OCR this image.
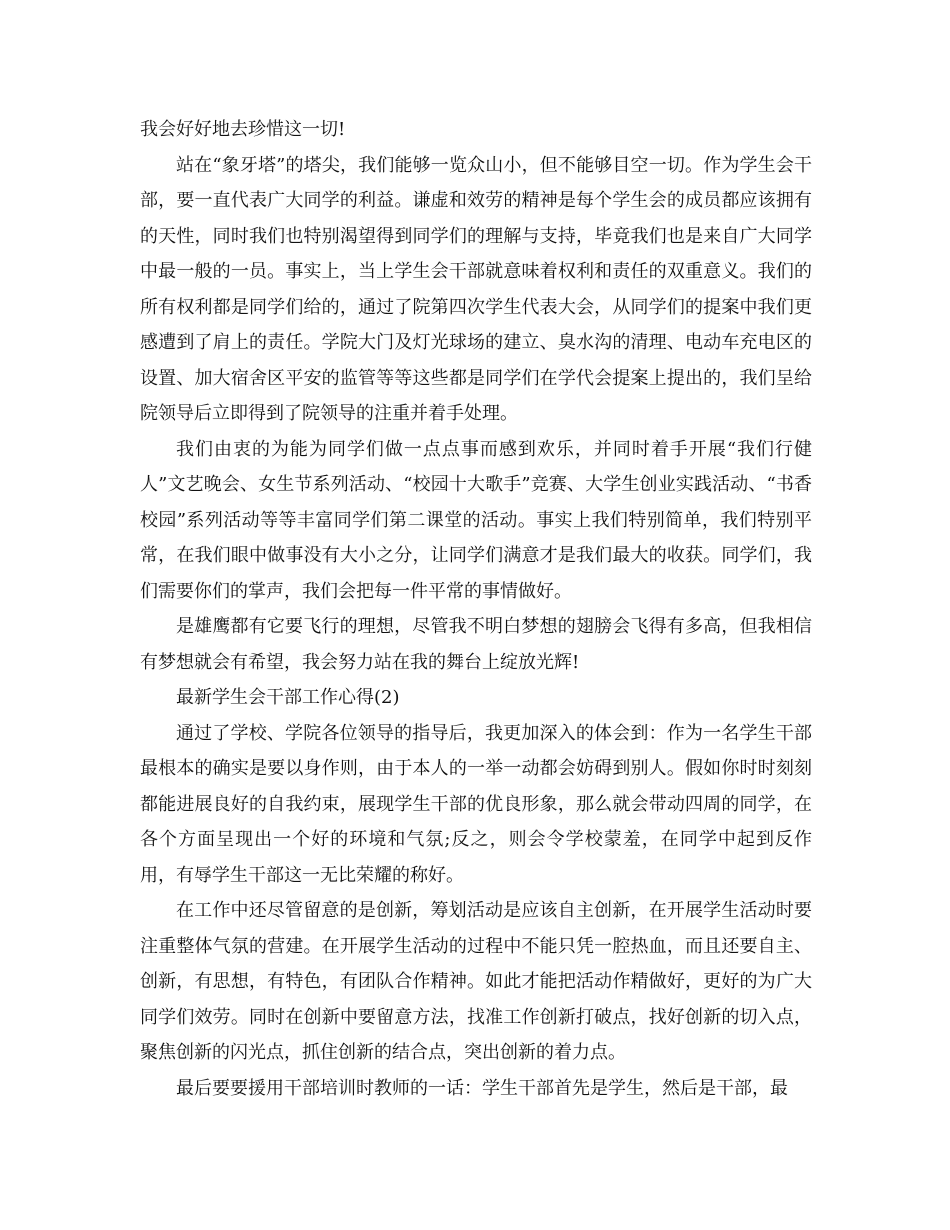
我会好好地去珍惜这一切!

站在“象牙塔”的塔尖，我们能够一览众山小，但不能够目空一切。作为学生会干部，要一直代表广大同学的利益。谦虚和效劳的精神是每个学生会的成员都应该拥有的天性，同时我们也特别渴望得到同学们的理解与支持，毕竟我们也是来自广大同学中最一般的一员。事实上，当上学生会干部就意味着权利和责任的双重意义。我们的所有权利都是同学们给的，通过了院第四次学生代表大会，从同学们的提案中我们更感遭到了肩上的责任。学院大门及灯光球场的建立、臭水沟的清理、电动车充电区的设置、加大宿舍区平安的监管等等这些都是同学们在学代会提案上提出的，我们呈给院领导后立即得到了院领导的注重并着手处理。

我们由衷的为能为同学们做一点点事而感到欢乐，并同时着手开展“我们行健人”文艺晚会、女生节系列活动、“校园十大歌手”竞赛、大学生创业实践活动、“书香校园”系列活动等等丰富同学们第二课堂的活动。事实上我们特别简单，我们特别平常，在我们眼中做事没有大小之分，让同学们满意才是我们最大的收获。同学们，我们需要你们的掌声，我们会把每一件平常的事情做好。

是雄鹰都有它要飞行的理想，尽管我不明白梦想的翅膀会飞得有多高，但我相信有梦想就会有希望，我会努力站在我的舞台上绽放光辉!

最新学生会干部工作心得(2)

通过了学校、学院各位领导的指导后，我更加深入的体会到：作为一名学生干部最根本的确实是要以身作则，由于本人的一举一动都会妨碍到别人。假如你时时刻刻都能进展良好的自我约束，展现学生干部的优良形象，那么就会带动四周的同学，在各个方面呈现出一个好的环境和气氛;反之，则会令学校蒙羞，在同学中起到反作用，有辱学生干部这一无比荣耀的称好。

在工作中还尽管留意的是创新，筹划活动是应该自主创新，在开展学生活动时要注重整体气氛的营建。在开展学生活动的过程中不能只凭一腔热血，而且还要自主、创新，有思想，有特色，有团队合作精神。如此才能把活动作精做好，更好的为广大同学们效劳。同时在创新中要留意方法，找准工作创新打破点，找好创新的切入点，聚焦创新的闪光点，抓住创新的结合点，突出创新的着力点。

最后要要援用干部培训时教师的一话：学生干部首先是学生，然后是干部，最
